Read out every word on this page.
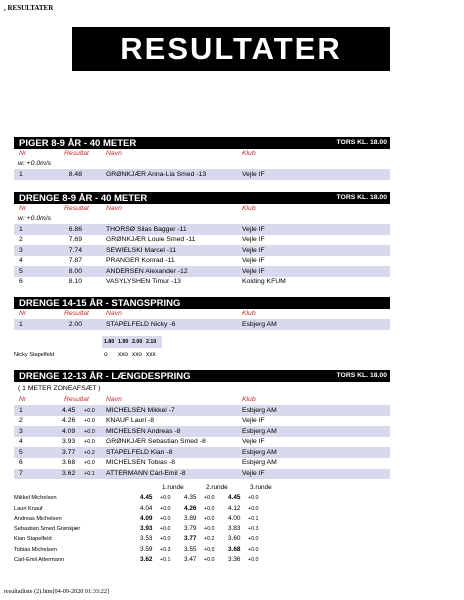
, RESULTATER
RESULTATER
PIGER 8-9 ÅR - 40 METER	TORS KL. 18.00
Nr	Resultat	Navn	Klub
w: +0.0m/s
1	8.48	GRØNKJÆR Anna-Lia Smed -13	Vejle IF
DRENGE 8-9 ÅR - 40 METER	TORS KL. 18.00
Nr	Resultat	Navn	Klub
w: +0.0m/s
1	6.86	THORSØ Silas Bagger -11	Vejle IF
2	7.69	GRØNKJÆR Louie Smed -11	Vejle IF
3	7.74	SEWIELSKI Marcel -11	Vejle IF
4	7.87	PRANGER Konrad -11	Vejle IF
5	8.00	ANDERSEN Alexander -12	Vejle IF
6	8.10	VASYLYSHEN Timur -13	Kolding KFUM
DRENGE 14-15 ÅR - STANGSPRING
Nr	Resultat	Navn	Klub
1	2.00	STAPELFELD Nicky -6	Esbjerg AM
1.80 1.90 2.00 2.10
Nicky Stapelfeld	o xxo xxo xxx
DRENGE 12-13 ÅR - LÆNGDESPRING	TORS KL. 18.00
( 1 METER ZONEAFSÆT )
Nr	Resultat	Navn	Klub
1	4.45 +0.0 MICHELSEN Mikkel -7	Esbjerg AM
2	4.26 +0.0 KNAUF Lauri -8	Vejle IF
3	4.09 +0.0 MICHELSEN Andreas -8	Esbjerg AM
4	3.93 +0.0 GRØNKJÆR Sebastian Smed -8	Vejle IF
5	3.77 +0.2 STAPELFELD Kian -8	Esbjerg AM
6	3.68 +0.0 MICHELSEN Tobias -8	Esbjerg AM
7	3.62 +0.1 ATTERMANN Carl-Emil -8	Vejle IF
1.runde	2.runde	3.runde
Mikkel Michelsen	4.45 +0.0 4.35 +0.0 4.45 +0.0
Lauri Knauf	4.04 +0.0 4.26 +0.0 4.12 +0.0
Andreas Michelsen	4.09 +0.0 3.89 +0.0 4.00 +0.1
Sebastian Smed Grønkjær	3.93 +0.0 3.79 +0.0 3.83 +0.3
Kian Stapelfeld	3.53 +0.0 3.77 +0.2 3.60 +0.0
Tobias Michelsen	3.59 +0.3 3.55 +0.0 3.68 +0.0
Carl-Emil Attermann	3.62 +0.1 3.47 +0.0 3.36 +0.0
resultatliste (2).htm[04-09-2020 01:33:22]
